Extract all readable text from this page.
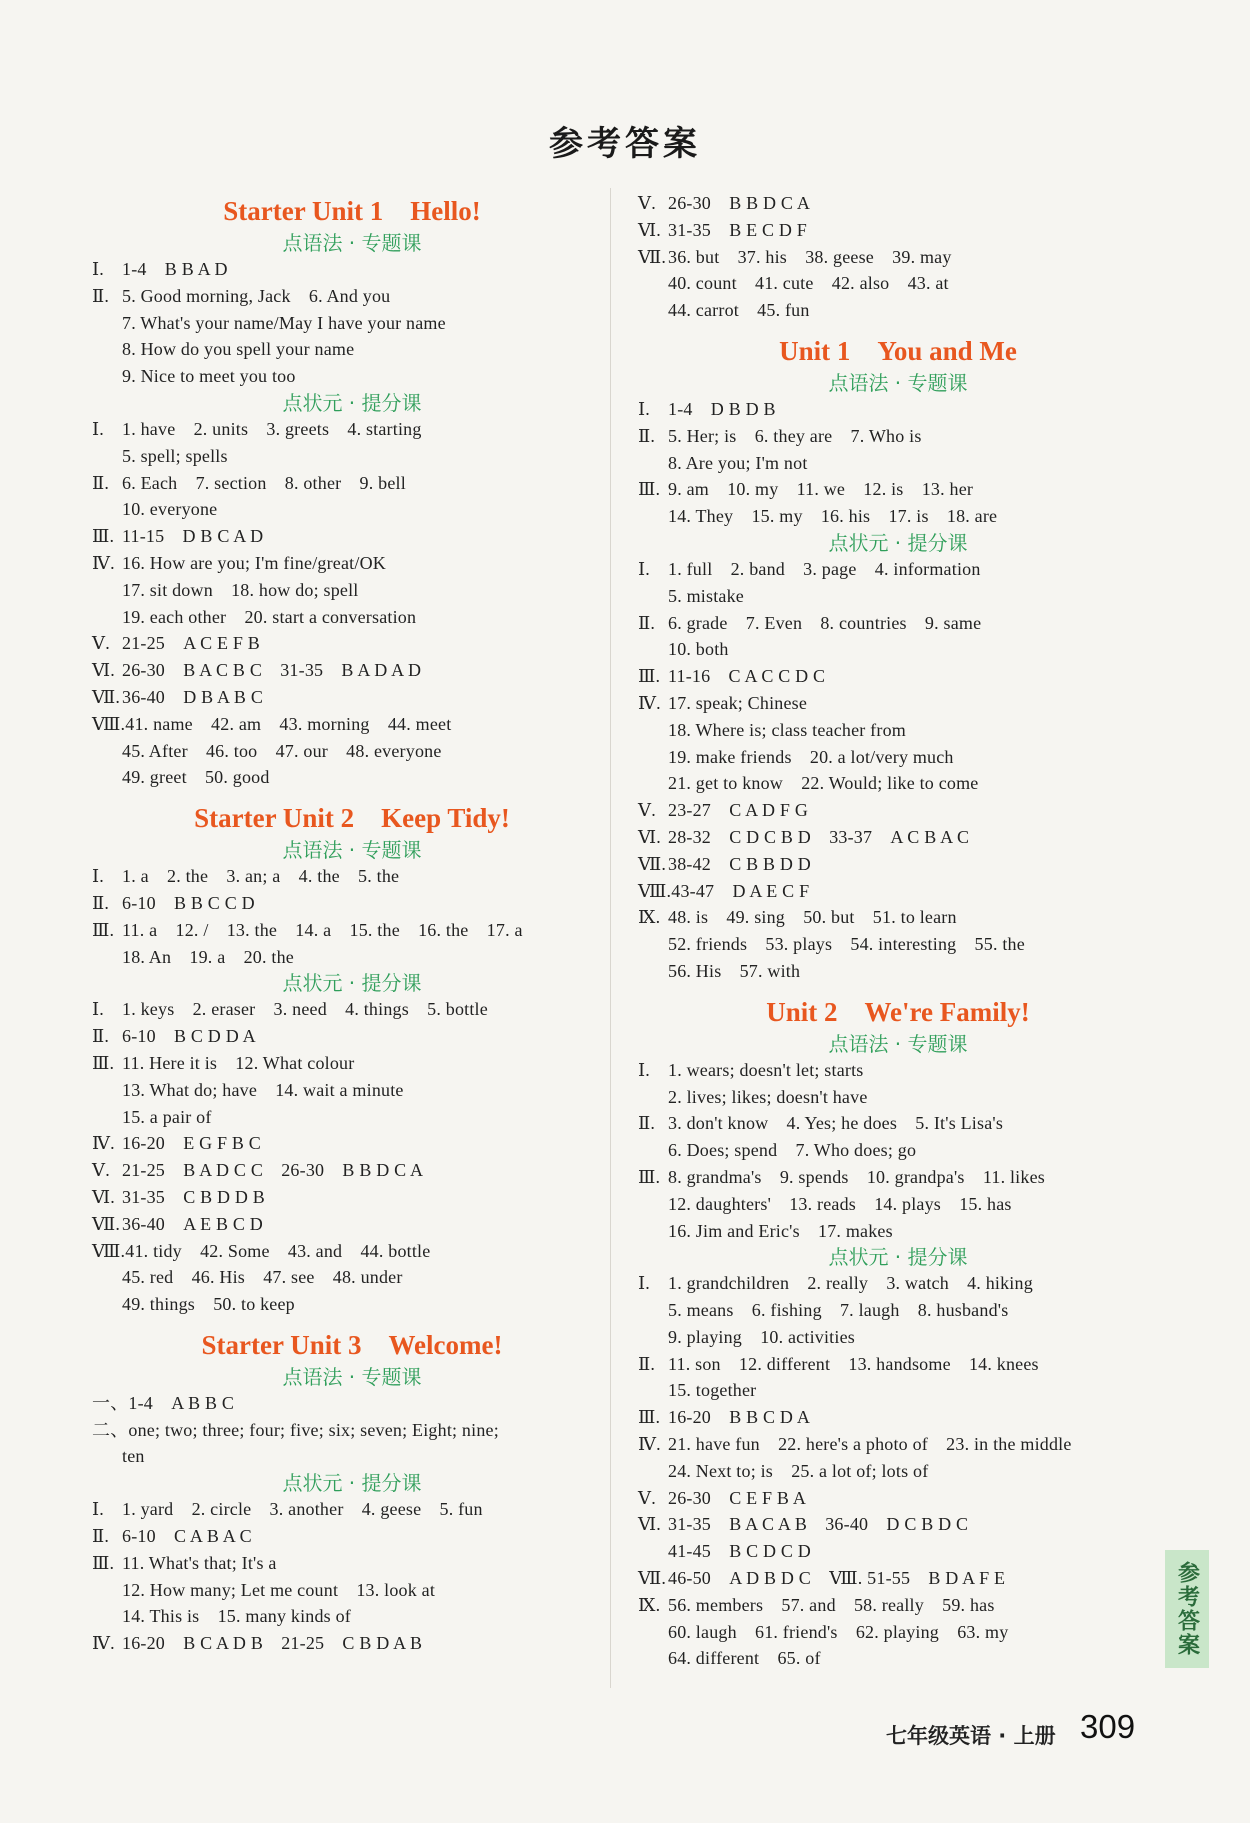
参考答案
Starter Unit 1　Hello!
点语法 · 专题课
Ⅰ. 1-4　B B A D
Ⅱ. 5. Good morning, Jack　6. And you
7. What's your name/May I have your name
8. How do you spell your name
9. Nice to meet you too
点状元 · 提分课
Ⅰ. 1. have　2. units　3. greets　4. starting
5. spell; spells
Ⅱ. 6. Each　7. section　8. other　9. bell
10. everyone
Ⅲ. 11-15　D B C A D
Ⅳ. 16. How are you; I'm fine/great/OK
17. sit down　18. how do; spell
19. each other　20. start a conversation
Ⅴ. 21-25　A C E F B
Ⅵ. 26-30　B A C B C　31-35　B A D A D
Ⅶ. 36-40　D B A B C
Ⅷ.41. name　42. am　43. morning　44. meet
45. After　46. too　47. our　48. everyone
49. greet　50. good
Starter Unit 2　Keep Tidy!
点语法 · 专题课
Ⅰ. 1. a　2. the　3. an; a　4. the　5. the
Ⅱ. 6-10　B B C C D
Ⅲ. 11. a　12. /　13. the　14. a　15. the　16. the　17. a
18. An　19. a　20. the
点状元 · 提分课
Ⅰ. 1. keys　2. eraser　3. need　4. things　5. bottle
Ⅱ. 6-10　B C D D A
Ⅲ. 11. Here it is　12. What colour
13. What do; have　14. wait a minute
15. a pair of
Ⅳ. 16-20　E G F B C
Ⅴ. 21-25　B A D C C　26-30　B B D C A
Ⅵ. 31-35　C B D D B
Ⅶ. 36-40　A E B C D
Ⅷ.41. tidy　42. Some　43. and　44. bottle
45. red　46. His　47. see　48. under
49. things　50. to keep
Starter Unit 3　Welcome!
点语法 · 专题课
一、1-4　A B B C
二、one; two; three; four; five; six; seven; Eight; nine;
ten
点状元 · 提分课
Ⅰ. 1. yard　2. circle　3. another　4. geese　5. fun
Ⅱ. 6-10　C A B A C
Ⅲ. 11. What's that; It's a
12. How many; Let me count　13. look at
14. This is　15. many kinds of
Ⅳ. 16-20　B C A D B　21-25　C B D A B
Ⅴ. 26-30　B B D C A
Ⅵ. 31-35　B E C D F
Ⅶ. 36. but　37. his　38. geese　39. may
40. count　41. cute　42. also　43. at
44. carrot　45. fun
Unit 1　You and Me
点语法 · 专题课
Ⅰ. 1-4　D B D B
Ⅱ. 5. Her; is　6. they are　7. Who is
8. Are you; I'm not
Ⅲ. 9. am　10. my　11. we　12. is　13. her
14. They　15. my　16. his　17. is　18. are
点状元 · 提分课
Ⅰ. 1. full　2. band　3. page　4. information
5. mistake
Ⅱ. 6. grade　7. Even　8. countries　9. same
10. both
Ⅲ. 11-16　C A C C D C
Ⅳ. 17. speak; Chinese
18. Where is; class teacher from
19. make friends　20. a lot/very much
21. get to know　22. Would; like to come
Ⅴ. 23-27　C A D F G
Ⅵ. 28-32　C D C B D　33-37　A C B A C
Ⅶ. 38-42　C B B D D
Ⅷ.43-47　D A E C F
Ⅸ. 48. is　49. sing　50. but　51. to learn
52. friends　53. plays　54. interesting　55. the
56. His　57. with
Unit 2　We're Family!
点语法 · 专题课
Ⅰ. 1. wears; doesn't let; starts
2. lives; likes; doesn't have
Ⅱ. 3. don't know　4. Yes; he does　5. It's Lisa's
6. Does; spend　7. Who does; go
Ⅲ. 8. grandma's　9. spends　10. grandpa's　11. likes
12. daughters'　13. reads　14. plays　15. has
16. Jim and Eric's　17. makes
点状元 · 提分课
Ⅰ. 1. grandchildren　2. really　3. watch　4. hiking
5. means　6. fishing　7. laugh　8. husband's
9. playing　10. activities
Ⅱ. 11. son　12. different　13. handsome　14. knees
15. together
Ⅲ. 16-20　B B C D A
Ⅳ. 21. have fun　22. here's a photo of　23. in the middle
24. Next to; is　25. a lot of; lots of
Ⅴ. 26-30　C E F B A
Ⅵ. 31-35　B A C A B　36-40　D C B D C
41-45　B C D C D
Ⅶ. 46-50　A D B D C　Ⅷ. 51-55　B D A F E
Ⅸ. 56. members　57. and　58. really　59. has
60. laugh　61. friend's　62. playing　63. my
64. different　65. of
七年级英语 · 上册 309
参考答案
